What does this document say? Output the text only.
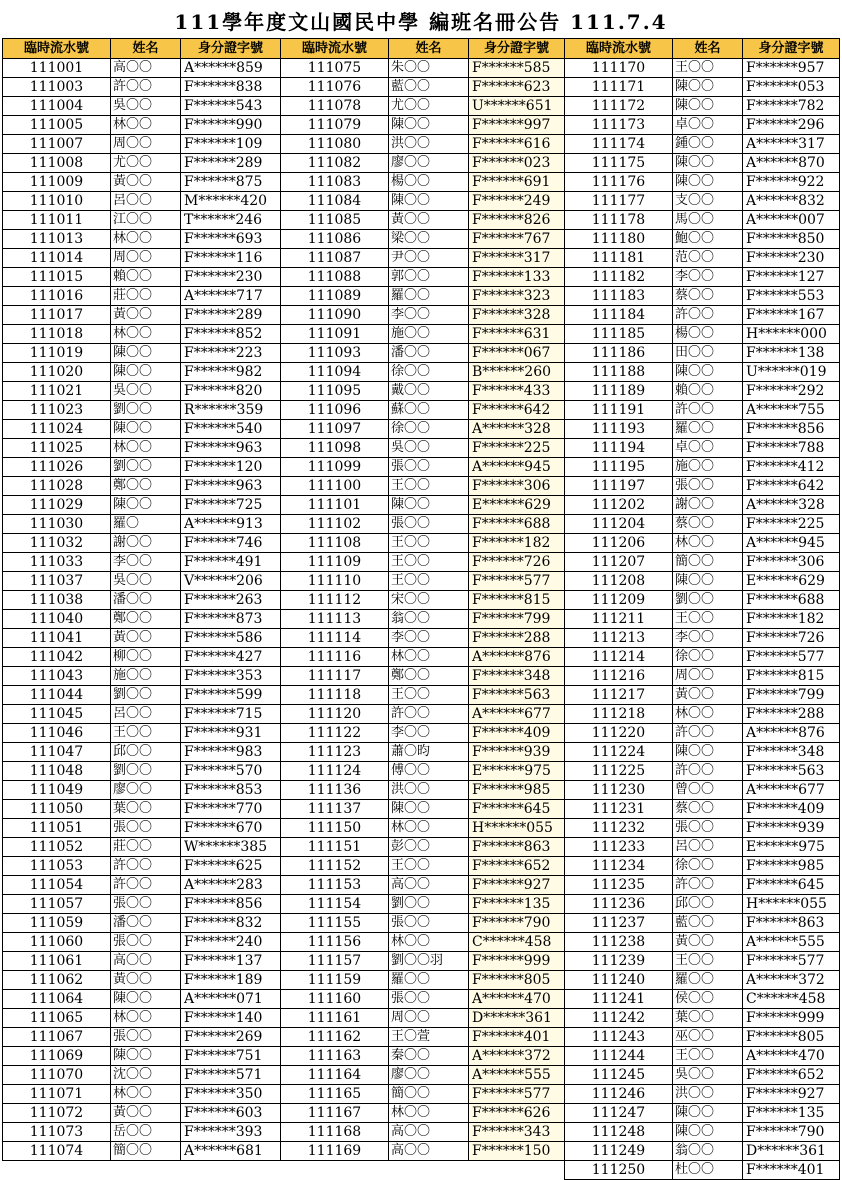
111學年度文山國民中學 編班名冊公告 111.7.4
臨時流水號	姓名	身分證字號
111001	高〇〇	A******859
111003	許〇〇	F******838
111004	吳〇〇	F******543
111005	林〇〇	F******990
111007	周〇〇	F******109
111008	尤〇〇	F******289
111009	黃〇〇	F******875
111010	呂〇〇	M******420
111011	江〇〇	T******246
111013	林〇〇	F******693
111014	周〇〇	F******116
111015	賴〇〇	F******230
111016	莊〇〇	A******717
111017	黃〇〇	F******289
111018	林〇〇	F******852
111019	陳〇〇	F******223
111020	陳〇〇	F******982
111021	吳〇〇	F******820
111023	劉〇〇	R******359
111024	陳〇〇	F******540
111025	林〇〇	F******963
111026	劉〇〇	F******120
111028	鄭〇〇	F******963
111029	陳〇〇	F******725
111030	羅〇	A******913
111032	謝〇〇	F******746
111033	李〇〇	F******491
111037	吳〇〇	V******206
111038	潘〇〇	F******263
111040	鄭〇〇	F******873
111041	黃〇〇	F******586
111042	柳〇〇	F******427
111043	施〇〇	F******353
111044	劉〇〇	F******599
111045	呂〇〇	F******715
111046	王〇〇	F******931
111047	邱〇〇	F******983
111048	劉〇〇	F******570
111049	廖〇〇	F******853
111050	葉〇〇	F******770
111051	張〇〇	F******670
111052	莊〇〇	W******385
111053	許〇〇	F******625
111054	許〇〇	A******283
111057	張〇〇	F******856
111059	潘〇〇	F******832
111060	張〇〇	F******240
111061	高〇〇	F******137
111062	黃〇〇	F******189
111064	陳〇〇	A******071
111065	林〇〇	F******140
111067	張〇〇	F******269
111069	陳〇〇	F******751
111070	沈〇〇	F******571
111071	林〇〇	F******350
111072	黃〇〇	F******603
111073	岳〇〇	F******393
111074	簡〇〇	A******681
臨時流水號	姓名	身分證字號
111075	朱〇〇	F******585
111076	藍〇〇	F******623
111078	尤〇〇	U******651
111079	陳〇〇	F******997
111080	洪〇〇	F******616
111082	廖〇〇	F******023
111083	楊〇〇	F******691
111084	陳〇〇	F******249
111085	黃〇〇	F******826
111086	梁〇〇	F******767
111087	尹〇〇	F******317
111088	郭〇〇	F******133
111089	羅〇〇	F******323
111090	李〇〇	F******328
111091	施〇〇	F******631
111093	潘〇〇	F******067
111094	徐〇〇	B******260
111095	戴〇〇	F******433
111096	蘇〇〇	F******642
111097	徐〇〇	A******328
111098	吳〇〇	F******225
111099	張〇〇	A******945
111100	王〇〇	F******306
111101	陳〇〇	E******629
111102	張〇〇	F******688
111108	王〇〇	F******182
111109	王〇〇	F******726
111110	王〇〇	F******577
111112	宋〇〇	F******815
111113	翁〇〇	F******799
111114	李〇〇	F******288
111116	林〇〇	A******876
111117	鄭〇〇	F******348
111118	王〇〇	F******563
111120	許〇〇	A******677
111122	李〇〇	F******409
111123	蕭〇昀	F******939
111124	傅〇〇	E******975
111136	洪〇〇	F******985
111137	陳〇〇	F******645
111150	林〇〇	H******055
111151	彭〇〇	F******863
111152	王〇〇	F******652
111153	高〇〇	F******927
111154	劉〇〇	F******135
111155	張〇〇	F******790
111156	林〇〇	C******458
111157	劉〇〇羽	F******999
111159	羅〇〇	F******805
111160	張〇〇	A******470
111161	周〇〇	D******361
111162	王〇萱	F******401
111163	秦〇〇	A******372
111164	廖〇〇	A******555
111165	簡〇〇	F******577
111167	林〇〇	F******626
111168	高〇〇	F******343
111169	高〇〇	F******150
臨時流水號	姓名	身分證字號
111170	王〇〇	F******957
111171	陳〇〇	F******053
111172	陳〇〇	F******782
111173	卓〇〇	F******296
111174	鍾〇〇	A******317
111175	陳〇〇	A******870
111176	陳〇〇	F******922
111177	支〇〇	A******832
111178	馬〇〇	A******007
111180	鮑〇〇	F******850
111181	范〇〇	F******230
111182	李〇〇	F******127
111183	蔡〇〇	F******553
111184	許〇〇	F******167
111185	楊〇〇	H******000
111186	田〇〇	F******138
111188	陳〇〇	U******019
111189	賴〇〇	F******292
111191	許〇〇	A******755
111193	羅〇〇	F******856
111194	卓〇〇	F******788
111195	施〇〇	F******412
111197	張〇〇	F******642
111202	謝〇〇	A******328
111204	蔡〇〇	F******225
111206	林〇〇	A******945
111207	簡〇〇	F******306
111208	陳〇〇	E******629
111209	劉〇〇	F******688
111211	王〇〇	F******182
111213	李〇〇	F******726
111214	徐〇〇	F******577
111216	周〇〇	F******815
111217	黃〇〇	F******799
111218	林〇〇	F******288
111220	許〇〇	A******876
111224	陳〇〇	F******348
111225	許〇〇	F******563
111230	曾〇〇	A******677
111231	蔡〇〇	F******409
111232	張〇〇	F******939
111233	呂〇〇	E******975
111234	徐〇〇	F******985
111235	許〇〇	F******645
111236	邱〇〇	H******055
111237	藍〇〇	F******863
111238	黃〇〇	A******555
111239	王〇〇	F******577
111240	羅〇〇	A******372
111241	侯〇〇	C******458
111242	葉〇〇	F******999
111243	巫〇〇	F******805
111244	王〇〇	A******470
111245	吳〇〇	F******652
111246	洪〇〇	F******927
111247	陳〇〇	F******135
111248	陳〇〇	F******790
111249	翁〇〇	D******361
111250	杜〇〇	F******401
